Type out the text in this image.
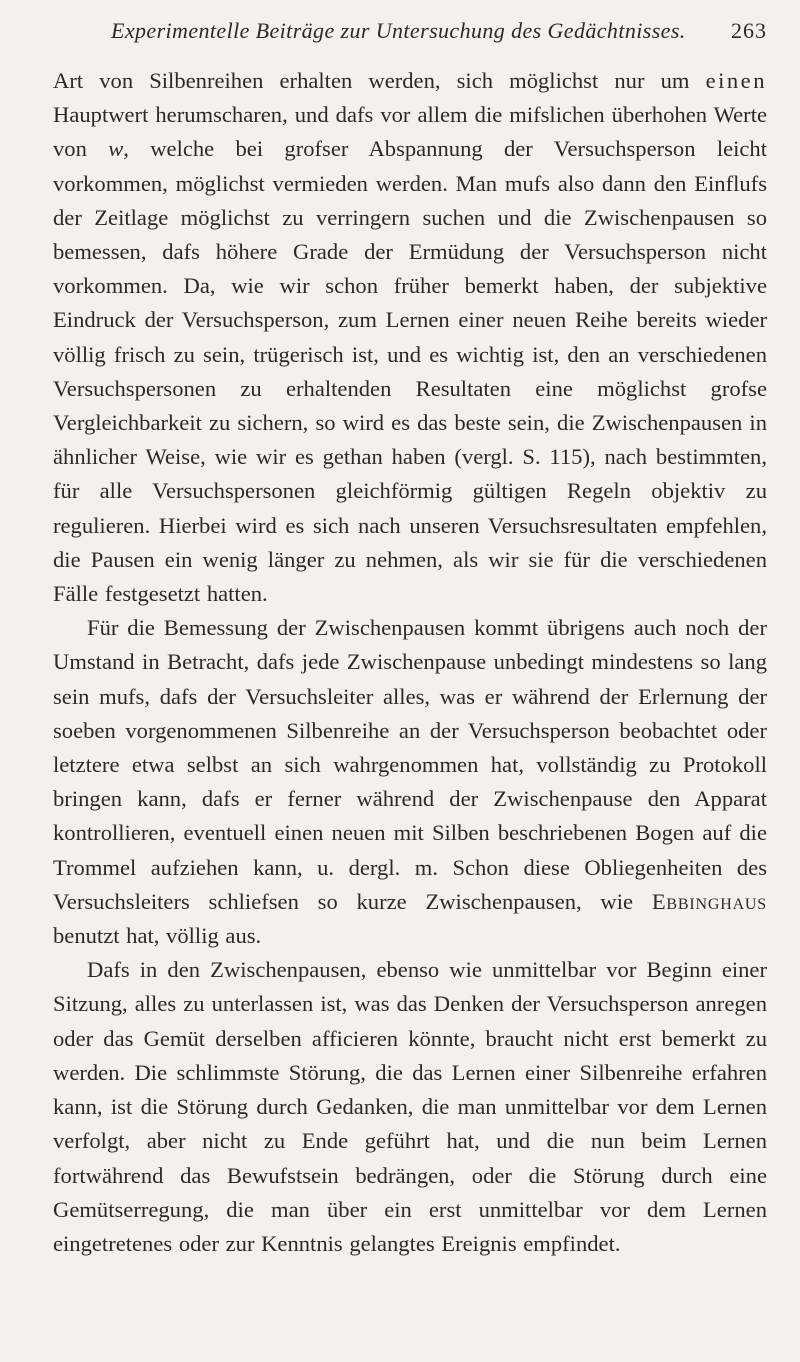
Experimentelle Beiträge zur Untersuchung des Gedächtnisses. 263

Art von Silbenreihen erhalten werden, sich möglichst nur um einen Hauptwert herumscharen, und dafs vor allem die mifslichen überhohen Werte von w, welche bei grofser Abspannung der Versuchsperson leicht vorkommen, möglichst vermieden werden. Man mufs also dann den Einflufs der Zeitlage möglichst zu verringern suchen und die Zwischenpausen so bemessen, dafs höhere Grade der Ermüdung der Versuchsperson nicht vorkommen. Da, wie wir schon früher bemerkt haben, der subjektive Eindruck der Versuchsperson, zum Lernen einer neuen Reihe bereits wieder völlig frisch zu sein, trügerisch ist, und es wichtig ist, den an verschiedenen Versuchspersonen zu erhaltenden Resultaten eine möglichst grofse Vergleichbarkeit zu sichern, so wird es das beste sein, die Zwischenpausen in ähnlicher Weise, wie wir es gethan haben (vergl. S. 115), nach bestimmten, für alle Versuchspersonen gleichförmig gültigen Regeln objektiv zu regulieren. Hierbei wird es sich nach unseren Versuchsresultaten empfehlen, die Pausen ein wenig länger zu nehmen, als wir sie für die verschiedenen Fälle festgesetzt hatten.

Für die Bemessung der Zwischenpausen kommt übrigens auch noch der Umstand in Betracht, dafs jede Zwischenpause unbedingt mindestens so lang sein mufs, dafs der Versuchsleiter alles, was er während der Erlernung der soeben vorgenommenen Silbenreihe an der Versuchsperson beobachtet oder letztere etwa selbst an sich wahrgenommen hat, vollständig zu Protokoll bringen kann, dafs er ferner während der Zwischenpause den Apparat kontrollieren, eventuell einen neuen mit Silben beschriebenen Bogen auf die Trommel aufziehen kann, u. dergl. m. Schon diese Obliegenheiten des Versuchsleiters schliefsen so kurze Zwischenpausen, wie Ebbinghaus benutzt hat, völlig aus.

Dafs in den Zwischenpausen, ebenso wie unmittelbar vor Beginn einer Sitzung, alles zu unterlassen ist, was das Denken der Versuchsperson anregen oder das Gemüt derselben afficieren könnte, braucht nicht erst bemerkt zu werden. Die schlimmste Störung, die das Lernen einer Silbenreihe erfahren kann, ist die Störung durch Gedanken, die man unmittelbar vor dem Lernen verfolgt, aber nicht zu Ende geführt hat, und die nun beim Lernen fortwährend das Bewufstsein bedrängen, oder die Störung durch eine Gemütserregung, die man über ein erst unmittelbar vor dem Lernen eingetretenes oder zur Kenntnis gelangtes Ereignis empfindet.
